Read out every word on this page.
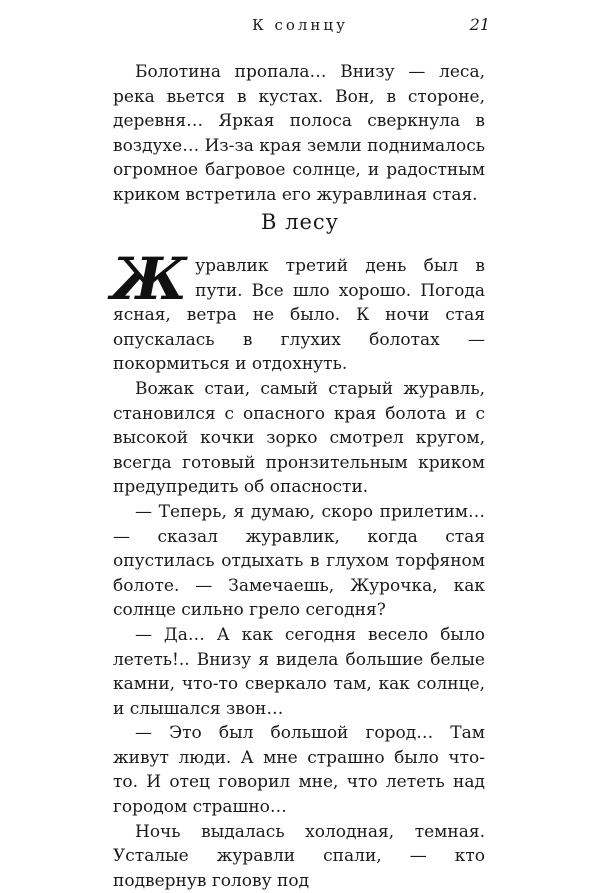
К солнцу	21

Болотина пропала… Внизу — леса, река вьется в кустах. Вон, в стороне, деревня… Яркая полоса сверкнула в воздухе… Из-за края земли поднималось огромное багровое солнце, и радостным криком встретила его журавлиная стая.

В лесу

Журавлик третий день был в пути. Все шло хорошо. Погода ясная, ветра не было. К ночи стая опускалась в глухих болотах — покормиться и отдохнуть.

Вожак стаи, самый старый журавль, становился с опасного края болота и с высокой кочки зорко смотрел кругом, всегда готовый пронзительным криком предупредить об опасности.

— Теперь, я думаю, скоро прилетим… — сказал журавлик, когда стая опустилась отдыхать в глухом торфяном болоте. — Замечаешь, Журочка, как солнце сильно грело сегодня?

— Да… А как сегодня весело было лететь!.. Внизу я видела большие белые камни, что-то сверкало там, как солнце, и слышался звон…

— Это был большой город… Там живут люди. А мне страшно было что-то. И отец говорил мне, что лететь над городом страшно…

Ночь выдалась холодная, темная. Усталые журавли спали, — кто подвернув голову под
